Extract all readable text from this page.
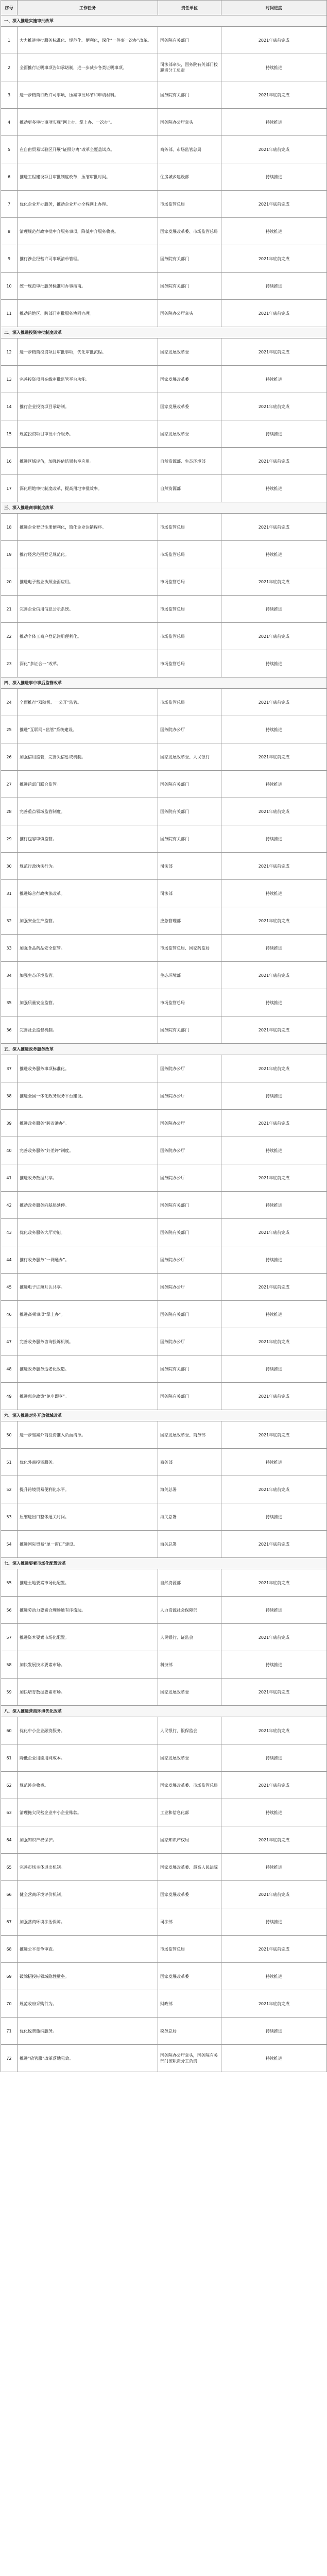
序号	工作任务	责任单位	时间进度
一、深入推进实施审批改革			
1	大力推进审批服务标准化、规范化、便利化，深化“一件事一次办”改革。	国务院有关部门	2021年底前完成
2	全面推行证明事项告知承诺制，进一步减少各类证明事项。	司法部牵头，国务院有关部门按职责分工负责	持续推进
3	进一步精简行政许可事项，压减审批环节和申请材料。	国务院有关部门	2021年底前完成
4	推动更多审批事项实现“网上办、掌上办、一次办”。	国务院办公厅牵头	持续推进
5	在自由贸易试验区开展“证照分离”改革全覆盖试点。	商务部、市场监管总局	2021年底前完成
6	推进工程建设项目审批制度改革，压缩审批时间。	住房城乡建设部	持续推进
7	优化企业开办服务，推动企业开办全程网上办理。	市场监管总局	2021年底前完成
8	清理规范行政审批中介服务事项，降低中介服务收费。	国家发展改革委、市场监管总局	持续推进
9	推行涉企经营许可事项清单管理。	国务院有关部门	2021年底前完成
10	统一规范审批服务标准和办事指南。	国务院有关部门	持续推进
11	推动跨地区、跨部门审批服务协同办理。	国务院办公厅牵头	2021年底前完成
二、深入推进投资审批制度改革			
12	进一步精简投资项目审批事项，优化审批流程。	国家发展改革委	2021年底前完成
13	完善投资项目在线审批监管平台功能。	国家发展改革委	持续推进
14	推行企业投资项目承诺制。	国家发展改革委	2021年底前完成
15	规范投资项目审批中介服务。	国家发展改革委	持续推进
16	推进区域评估，加强评估结果共享应用。	自然资源部、生态环境部	2021年底前完成
17	深化用地审批制度改革，提高用地审批效率。	自然资源部	持续推进
三、深入推进商事制度改革			
18	推进企业登记注册便利化，简化企业注销程序。	市场监管总局	2021年底前完成
19	推行经营范围登记规范化。	市场监管总局	持续推进
20	推进电子营业执照全面应用。	市场监管总局	2021年底前完成
21	完善企业信用信息公示系统。	市场监管总局	持续推进
22	推动个体工商户登记注册便利化。	市场监管总局	2021年底前完成
23	深化“多证合一”改革。	市场监管总局	持续推进
四、深入推进事中事后监管改革			
24	全面推行“双随机、一公开”监管。	市场监管总局	2021年底前完成
25	推进“互联网+监管”系统建设。	国务院办公厅	持续推进
26	加强信用监管，完善失信惩戒机制。	国家发展改革委、人民银行	2021年底前完成
27	推进跨部门联合监管。	国务院有关部门	持续推进
28	完善重点领域监管制度。	国务院有关部门	2021年底前完成
29	推行包容审慎监管。	国务院有关部门	持续推进
30	规范行政执法行为。	司法部	2021年底前完成
31	推进综合行政执法改革。	司法部	持续推进
32	加强安全生产监管。	应急管理部	2021年底前完成
33	加强食品药品安全监管。	市场监管总局、国家药监局	持续推进
34	加强生态环境监管。	生态环境部	2021年底前完成
35	加强质量安全监管。	市场监管总局	持续推进
36	完善社会监督机制。	国务院有关部门	2021年底前完成
五、深入推进政务服务改革			
37	推进政务服务事项标准化。	国务院办公厅	2021年底前完成
38	推进全国一体化政务服务平台建设。	国务院办公厅	持续推进
39	推进政务服务“跨省通办”。	国务院办公厅	2021年底前完成
40	完善政务服务“好差评”制度。	国务院办公厅	持续推进
41	推进政务数据共享。	国务院办公厅	2021年底前完成
42	推动政务服务向基层延伸。	国务院有关部门	持续推进
43	优化政务服务大厅功能。	国务院有关部门	2021年底前完成
44	推行政务服务“一网通办”。	国务院办公厅	持续推进
45	推进电子证照互认共享。	国务院办公厅	2021年底前完成
46	推进高频事项“掌上办”。	国务院有关部门	持续推进
47	完善政务服务咨询投诉机制。	国务院办公厅	2021年底前完成
48	推进政务服务适老化改造。	国务院有关部门	持续推进
49	推进惠企政策“免申即享”。	国务院有关部门	2021年底前完成
六、深入推进对外开放领域改革			
50	进一步缩减外商投资准入负面清单。	国家发展改革委、商务部	2021年底前完成
51	优化外商投资服务。	商务部	持续推进
52	提升跨境贸易便利化水平。	海关总署	2021年底前完成
53	压缩进出口整体通关时间。	海关总署	持续推进
54	推进国际贸易“单一窗口”建设。	海关总署	2021年底前完成
七、深入推进要素市场化配置改革			
55	推进土地要素市场化配置。	自然资源部	2021年底前完成
56	推进劳动力要素合理畅通有序流动。	人力资源社会保障部	持续推进
57	推进资本要素市场化配置。	人民银行、证监会	2021年底前完成
58	加快发展技术要素市场。	科技部	持续推进
59	加快培育数据要素市场。	国家发展改革委	2021年底前完成
八、深入推进营商环境优化改革			
60	优化中小企业融资服务。	人民银行、银保监会	2021年底前完成
61	降低企业用能用网成本。	国家发展改革委	持续推进
62	规范涉企收费。	国家发展改革委、市场监管总局	2021年底前完成
63	清理拖欠民营企业中小企业账款。	工业和信息化部	持续推进
64	加强知识产权保护。	国家知识产权局	2021年底前完成
65	完善市场主体退出机制。	国家发展改革委、最高人民法院	持续推进
66	健全营商环境评价机制。	国家发展改革委	2021年底前完成
67	加强营商环境法治保障。	司法部	持续推进
68	推进公平竞争审查。	市场监管总局	2021年底前完成
69	破除招投标领域隐性壁垒。	国家发展改革委	持续推进
70	规范政府采购行为。	财政部	2021年底前完成
71	优化税费缴纳服务。	税务总局	持续推进
72	推进“放管服”改革落地见效。	国务院办公厅牵头，国务院有关部门按职责分工负责	持续推进
